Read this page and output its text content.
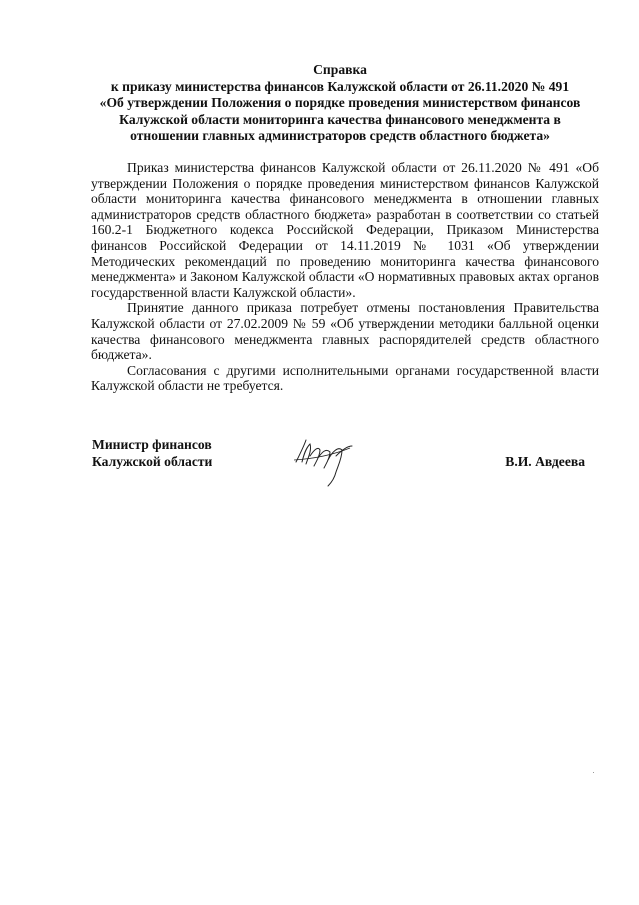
Справка
к приказу министерства финансов Калужской области от 26.11.2020 № 491
«Об утверждении Положения о порядке проведения министерством финансов
Калужской области мониторинга качества финансового менеджмента в
отношении главных администраторов средств областного бюджета»

Приказ министерства финансов Калужской области от 26.11.2020 № 491 «Об утверждении Положения о порядке проведения министерством финансов Калужской области мониторинга качества финансового менеджмента в отношении главных администраторов средств областного бюджета» разработан в соответствии со статьей 160.2-1 Бюджетного кодекса Российской Федерации, Приказом Министерства финансов Российской Федерации от 14.11.2019 № 1031 «Об утверждении Методических рекомендаций по проведению мониторинга качества финансового менеджмента» и Законом Калужской области «О нормативных правовых актах органов государственной власти Калужской области».

Принятие данного приказа потребует отмены постановления Правительства Калужской области от 27.02.2009 № 59 «Об утверждении методики балльной оценки качества финансового менеджмента главных распорядителей средств областного бюджета».

Согласования с другими исполнительными органами государственной власти Калужской области не требуется.

Министр финансов
Калужской области	В.И. Авдеева
